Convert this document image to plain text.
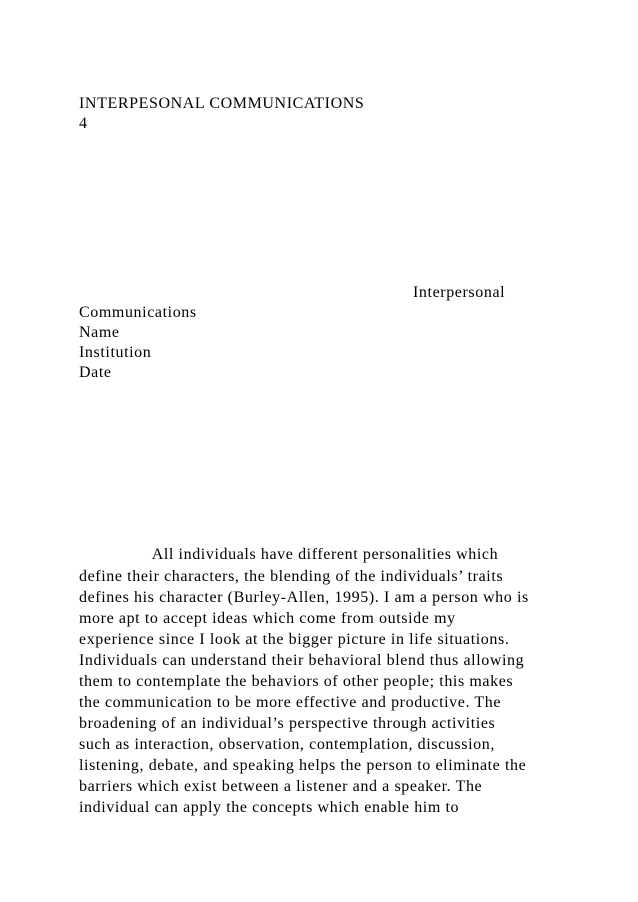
INTERPESONAL COMMUNICATIONS
4
Interpersonal
Communications
Name
Institution
Date
All individuals have different personalities which
define their characters, the blending of the individuals’ traits
defines his character (Burley-Allen, 1995). I am a person who is
more apt to accept ideas which come from outside my
experience since I look at the bigger picture in life situations.
Individuals can understand their behavioral blend thus allowing
them to contemplate the behaviors of other people; this makes
the communication to be more effective and productive. The
broadening of an individual’s perspective through activities
such as interaction, observation, contemplation, discussion,
listening, debate, and speaking helps the person to eliminate the
barriers which exist between a listener and a speaker. The
individual can apply the concepts which enable him to
